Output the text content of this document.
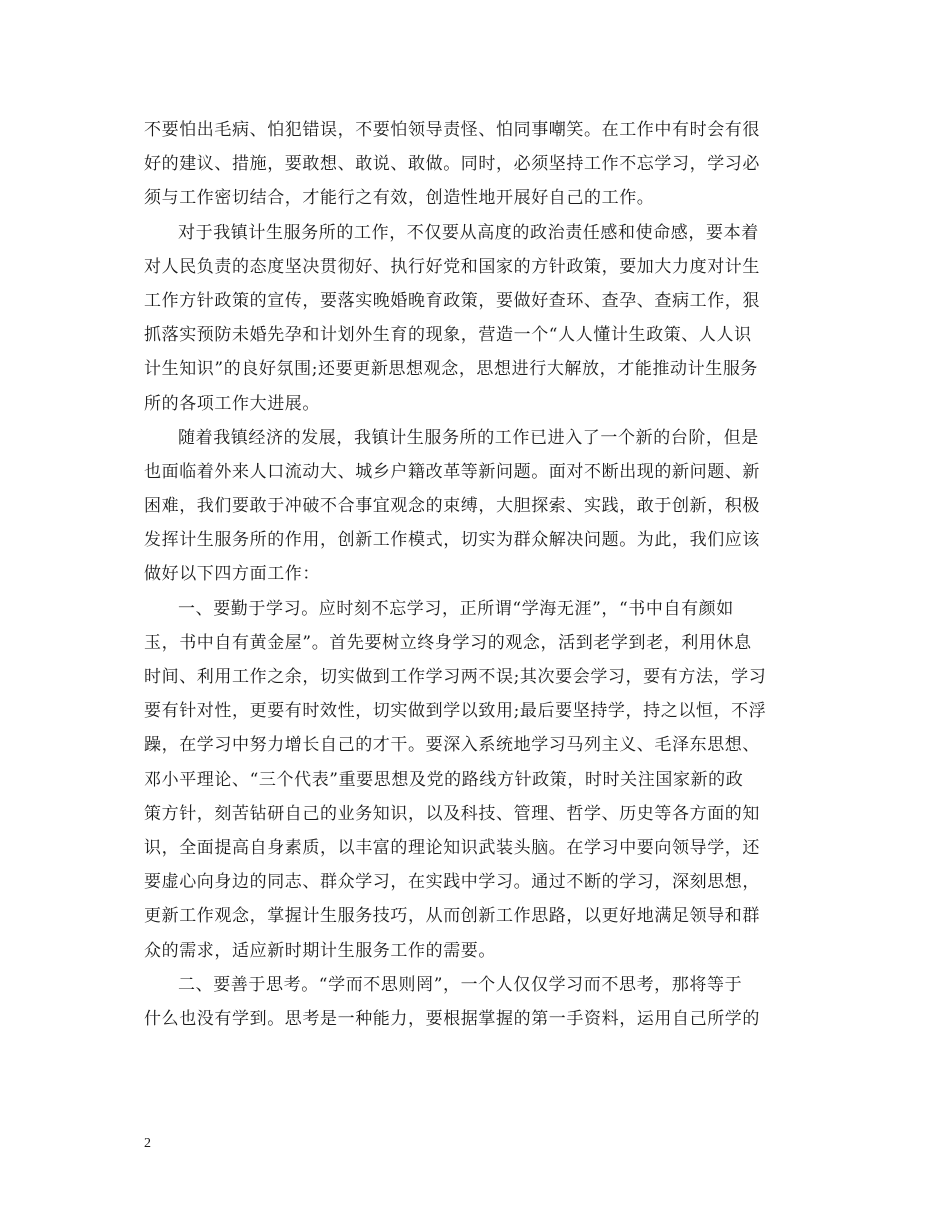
不要怕出毛病、怕犯错误，不要怕领导责怪、怕同事嘲笑。在工作中有时会有很
好的建议、措施，要敢想、敢说、敢做。同时，必须坚持工作不忘学习，学习必
须与工作密切结合，才能行之有效，创造性地开展好自己的工作。
对于我镇计生服务所的工作，不仅要从高度的政治责任感和使命感，要本着
对人民负责的态度坚决贯彻好、执行好党和国家的方针政策，要加大力度对计生
工作方针政策的宣传，要落实晚婚晚育政策，要做好查环、查孕、查病工作，狠
抓落实预防未婚先孕和计划外生育的现象，营造一个“人人懂计生政策、人人识
计生知识”的良好氛围;还要更新思想观念，思想进行大解放，才能推动计生服务
所的各项工作大进展。
随着我镇经济的发展，我镇计生服务所的工作已进入了一个新的台阶，但是
也面临着外来人口流动大、城乡户籍改革等新问题。面对不断出现的新问题、新
困难，我们要敢于冲破不合事宜观念的束缚，大胆探索、实践，敢于创新，积极
发挥计生服务所的作用，创新工作模式，切实为群众解决问题。为此，我们应该
做好以下四方面工作：
一、要勤于学习。应时刻不忘学习，正所谓“学海无涯”，“书中自有颜如
玉，书中自有黄金屋”。首先要树立终身学习的观念，活到老学到老，利用休息
时间、利用工作之余，切实做到工作学习两不误;其次要会学习，要有方法，学习
要有针对性，更要有时效性，切实做到学以致用;最后要坚持学，持之以恒，不浮
躁，在学习中努力增长自己的才干。要深入系统地学习马列主义、毛泽东思想、
邓小平理论、“三个代表”重要思想及党的路线方针政策，时时关注国家新的政
策方针，刻苦钻研自己的业务知识，以及科技、管理、哲学、历史等各方面的知
识，全面提高自身素质，以丰富的理论知识武装头脑。在学习中要向领导学，还
要虚心向身边的同志、群众学习，在实践中学习。通过不断的学习，深刻思想，
更新工作观念，掌握计生服务技巧，从而创新工作思路，以更好地满足领导和群
众的需求，适应新时期计生服务工作的需要。
二、要善于思考。“学而不思则罔”，一个人仅仅学习而不思考，那将等于
什么也没有学到。思考是一种能力，要根据掌握的第一手资料，运用自己所学的
2
